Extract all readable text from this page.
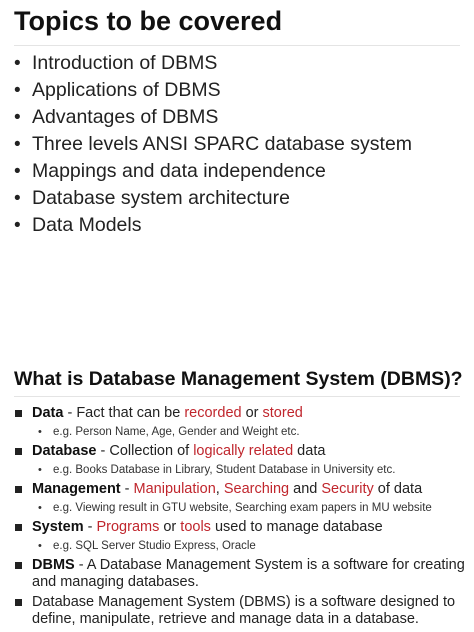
Topics to be covered
• Introduction of DBMS
• Applications of DBMS
• Advantages of DBMS
• Three levels ANSI SPARC database system
• Mappings and data independence
• Database system architecture
• Data Models
What is Database Management System (DBMS)?
Data - Fact that can be recorded or stored
• e.g. Person Name, Age, Gender and Weight etc.
Database - Collection of logically related data
• e.g. Books Database in Library, Student Database in University etc.
Management - Manipulation, Searching and Security of data
• e.g. Viewing result in GTU website, Searching exam papers in MU website
System - Programs or tools used to manage database
• e.g. SQL Server Studio Express, Oracle
DBMS - A Database Management System is a software for creating and managing databases.
Database Management System (DBMS) is a software designed to define, manipulate, retrieve and manage data in a database.
